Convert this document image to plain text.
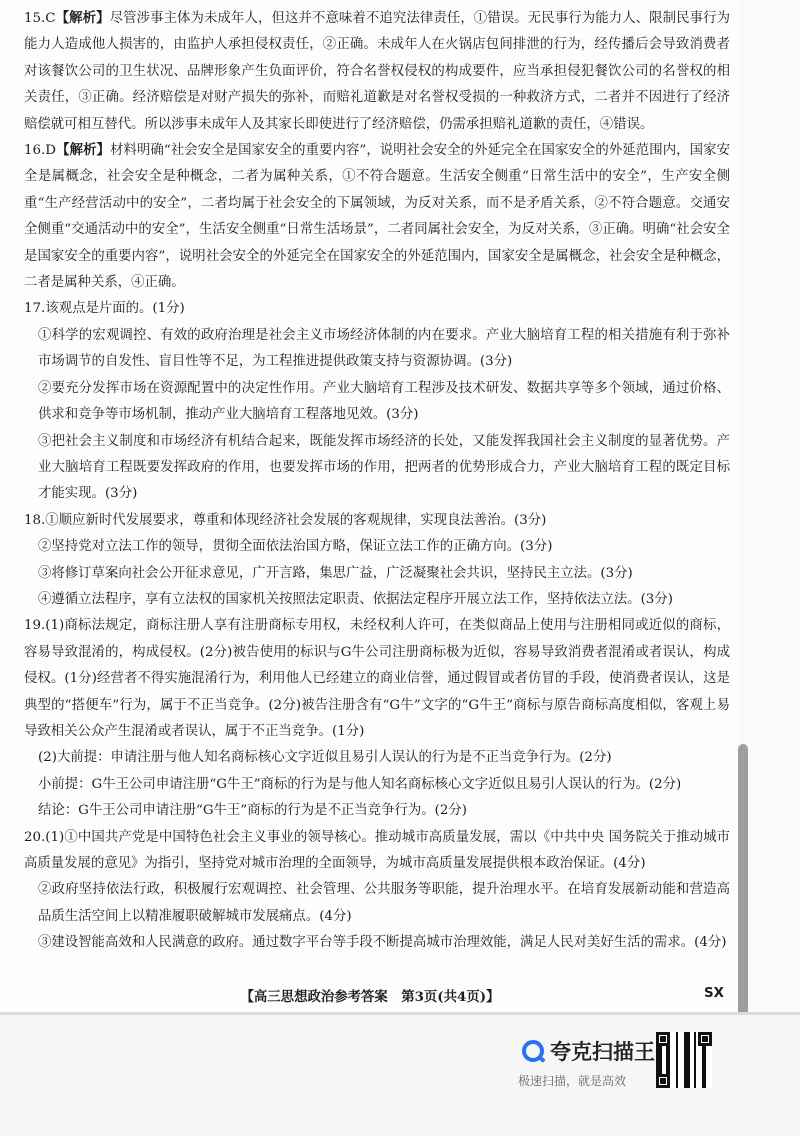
15.C【解析】尽管涉事主体为未成年人，但这并不意味着不追究法律责任，①错误。无民事行为能力人、限制民事行为能力人造成他人损害的，由监护人承担侵权责任，②正确。未成年人在火锅店包间排泄的行为，经传播后会导致消费者对该餐饮公司的卫生状况、品牌形象产生负面评价，符合名誉权侵权的构成要件，应当承担侵犯餐饮公司的名誉权的相关责任，③正确。经济赔偿是对财产损失的弥补，而赔礼道歉是对名誉权受损的一种救济方式，二者并不因进行了经济赔偿就可相互替代。所以涉事未成年人及其家长即使进行了经济赔偿，仍需承担赔礼道歉的责任，④错误。

16.D【解析】材料明确“社会安全是国家安全的重要内容”，说明社会安全的外延完全在国家安全的外延范围内，国家安全是属概念，社会安全是种概念，二者为属种关系，①不符合题意。生活安全侧重“日常生活中的安全”，生产安全侧重“生产经营活动中的安全”，二者均属于社会安全的下属领域，为反对关系，而不是矛盾关系，②不符合题意。交通安全侧重“交通活动中的安全”，生活安全侧重“日常生活场景”，二者同属社会安全，为反对关系，③正确。明确“社会安全是国家安全的重要内容”，说明社会安全的外延完全在国家安全的外延范围内，国家安全是属概念，社会安全是种概念，二者是属种关系，④正确。

17.该观点是片面的。(1分)

①科学的宏观调控、有效的政府治理是社会主义市场经济体制的内在要求。产业大脑培育工程的相关措施有利于弥补市场调节的自发性、盲目性等不足，为工程推进提供政策支持与资源协调。(3分)

②要充分发挥市场在资源配置中的决定性作用。产业大脑培育工程涉及技术研发、数据共享等多个领域，通过价格、供求和竞争等市场机制，推动产业大脑培育工程落地见效。(3分)

③把社会主义制度和市场经济有机结合起来，既能发挥市场经济的长处，又能发挥我国社会主义制度的显著优势。产业大脑培育工程既要发挥政府的作用，也要发挥市场的作用，把两者的优势形成合力，产业大脑培育工程的既定目标才能实现。(3分)

18.①顺应新时代发展要求，尊重和体现经济社会发展的客观规律，实现良法善治。(3分)

②坚持党对立法工作的领导，贯彻全面依法治国方略，保证立法工作的正确方向。(3分)

③将修订草案向社会公开征求意见，广开言路，集思广益，广泛凝聚社会共识，坚持民主立法。(3分)

④遵循立法程序，享有立法权的国家机关按照法定职责、依据法定程序开展立法工作，坚持依法立法。(3分)

19.(1)商标法规定，商标注册人享有注册商标专用权，未经权利人许可，在类似商品上使用与注册相同或近似的商标，容易导致混淆的，构成侵权。(2分)被告使用的标识与G牛公司注册商标极为近似，容易导致消费者混淆或者误认，构成侵权。(1分)经营者不得实施混淆行为，利用他人已经建立的商业信誉，通过假冒或者仿冒的手段，使消费者误认，这是典型的“搭便车”行为，属于不正当竞争。(2分)被告注册含有“G牛”文字的“G牛王”商标与原告商标高度相似，客观上易导致相关公众产生混淆或者误认，属于不正当竞争。(1分)

(2)大前提：申请注册与他人知名商标核心文字近似且易引人误认的行为是不正当竞争行为。(2分)

小前提：G牛王公司申请注册“G牛王”商标的行为是与他人知名商标核心文字近似且易引人误认的行为。(2分)

结论：G牛王公司申请注册“G牛王”商标的行为是不正当竞争行为。(2分)

20.(1)①中国共产党是中国特色社会主义事业的领导核心。推动城市高质量发展，需以《中共中央 国务院关于推动城市高质量发展的意见》为指引，坚持党对城市治理的全面领导，为城市高质量发展提供根本政治保证。(4分)

②政府坚持依法行政，积极履行宏观调控、社会管理、公共服务等职能，提升治理水平。在培育发展新动能和营造高品质生活空间上以精准履职破解城市发展痛点。(4分)

③建设智能高效和人民满意的政府。通过数字平台等手段不断提高城市治理效能，满足人民对美好生活的需求。(4分)

【高三思想政治参考答案　第3页(共4页)】	SX
夸克扫描王
极速扫描，就是高效
